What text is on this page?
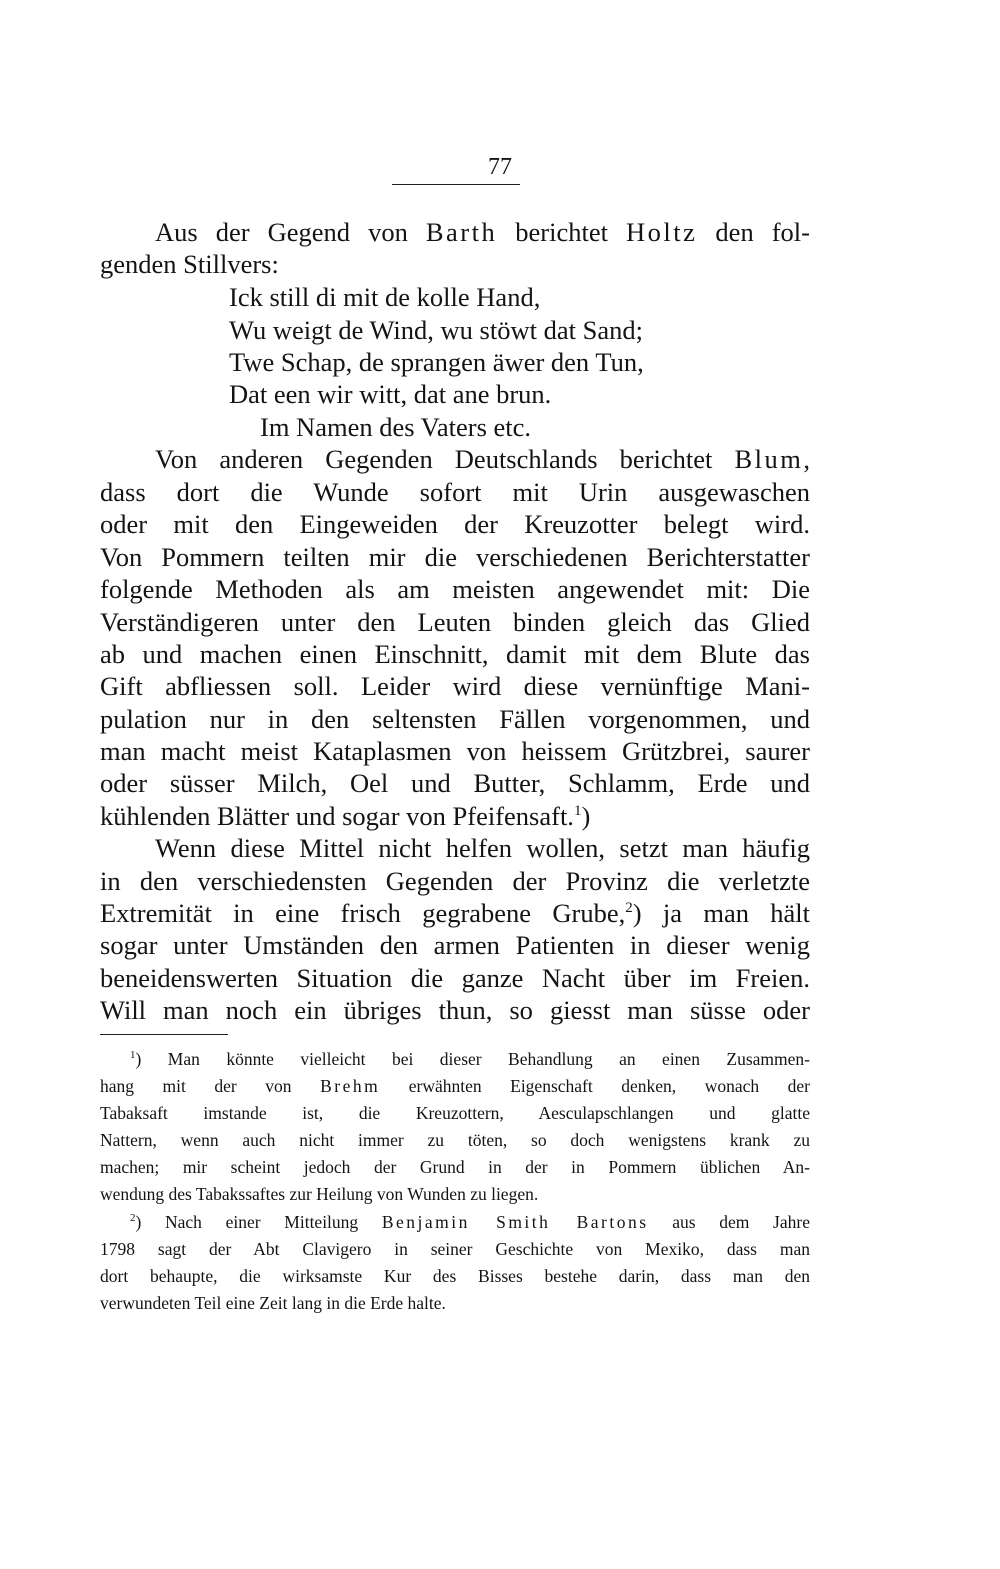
77
Aus der Gegend von Barth berichtet Holtz den fol-
genden Stillvers:
Ick still di mit de kolle Hand,
Wu weigt de Wind, wu stöwt dat Sand;
Twe Schap, de sprangen äwer den Tun,
Dat een wir witt, dat ane brun.
Im Namen des Vaters etc.
Von anderen Gegenden Deutschlands berichtet Blum,
dass dort die Wunde sofort mit Urin ausgewaschen
oder mit den Eingeweiden der Kreuzotter belegt wird.
Von Pommern teilten mir die verschiedenen Berichterstatter
folgende Methoden als am meisten angewendet mit: Die
Verständigeren unter den Leuten binden gleich das Glied
ab und machen einen Einschnitt, damit mit dem Blute das
Gift abfliessen soll. Leider wird diese vernünftige Mani-
pulation nur in den seltensten Fällen vorgenommen, und
man macht meist Kataplasmen von heissem Grützbrei, saurer
oder süsser Milch, Oel und Butter, Schlamm, Erde und
kühlenden Blätter und sogar von Pfeifensaft.$^1$)
Wenn diese Mittel nicht helfen wollen, setzt man häufig
in den verschiedensten Gegenden der Provinz die verletzte
Extremität in eine frisch gegrabene Grube,$^2$) ja man hält
sogar unter Umständen den armen Patienten in dieser wenig
beneidenswerten Situation die ganze Nacht über im Freien.
Will man noch ein übriges thun, so giesst man süsse oder
$^1$) Man könnte vielleicht bei dieser Behandlung an einen Zusammen-
hang mit der von Brehm erwähnten Eigenschaft denken, wonach der
Tabaksaft imstande ist, die Kreuzottern, Aesculapschlangen und glatte
Nattern, wenn auch nicht immer zu töten, so doch wenigstens krank zu
machen; mir scheint jedoch der Grund in der in Pommern üblichen An-
wendung des Tabakssaftes zur Heilung von Wunden zu liegen.
$^2$) Nach einer Mitteilung Benjamin Smith Bartons aus dem Jahre
1798 sagt der Abt Clavigero in seiner Geschichte von Mexiko, dass man
dort behaupte, die wirksamste Kur des Bisses bestehe darin, dass man den
verwundeten Teil eine Zeit lang in die Erde halte.
